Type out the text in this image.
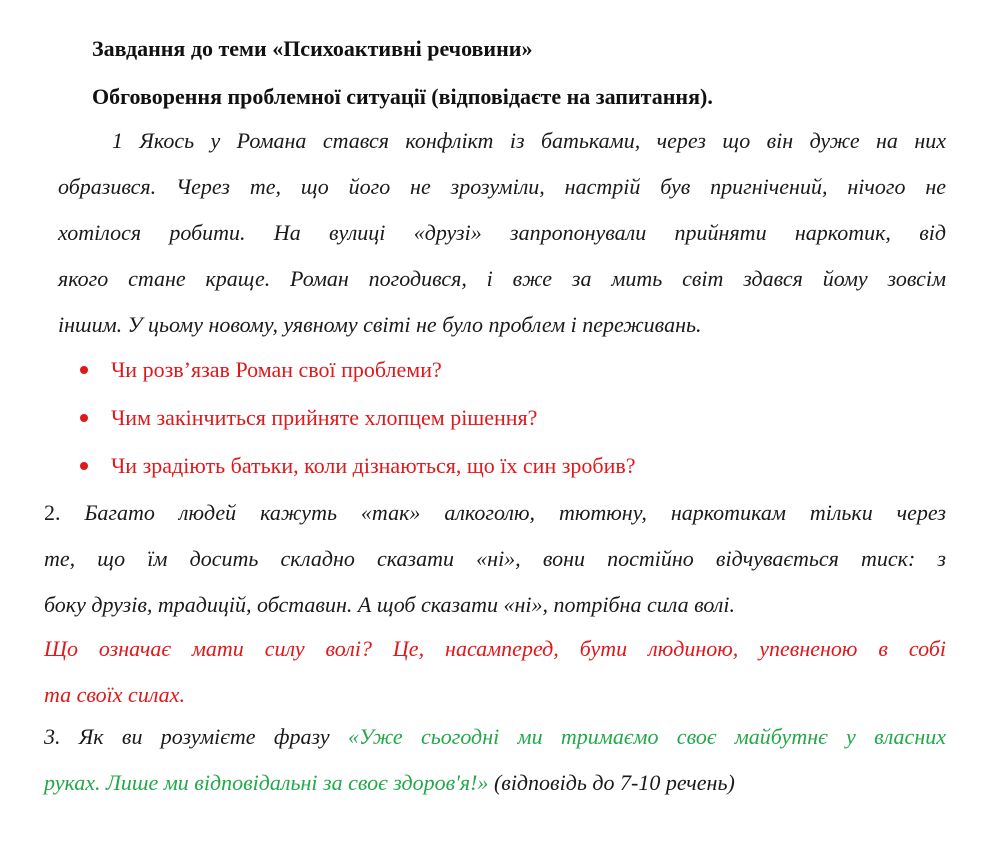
Завдання до теми «Психоактивні речовини»
Обговорення проблемної ситуації (відповідаєте на запитання).
1 Якось у Романа стався конфлікт із батьками, через що він дуже на них
образився. Через те, що його не зрозуміли, настрій був пригнічений, нічого не
хотілося робити. На вулиці «друзі» запропонували прийняти наркотик, від
якого стане краще. Роман погодився, і вже за мить світ здався йому зовсім
іншим. У цьому новому, уявному світі не було проблем і переживань.
Чи розв’язав Роман свої проблеми?
Чим закінчиться прийняте хлопцем рішення?
Чи зрадіють батьки, коли дізнаються, що їх син зробив?
2. Багато людей кажуть «так» алкоголю, тютюну, наркотикам тільки через
те, що їм досить складно сказати «ні», вони постійно відчувається тиск: з
боку друзів, традицій, обставин. А щоб сказати «ні», потрібна сила волі.
Що означає мати силу волі? Це, насамперед, бути людиною, упевненою в собі
та своїх силах.
3. Як ви розумієте фразу «Уже сьогодні ми тримаємо своє майбутнє у власних
руках. Лише ми відповідальні за своє здоров'я!» (відповідь до 7-10 речень)
